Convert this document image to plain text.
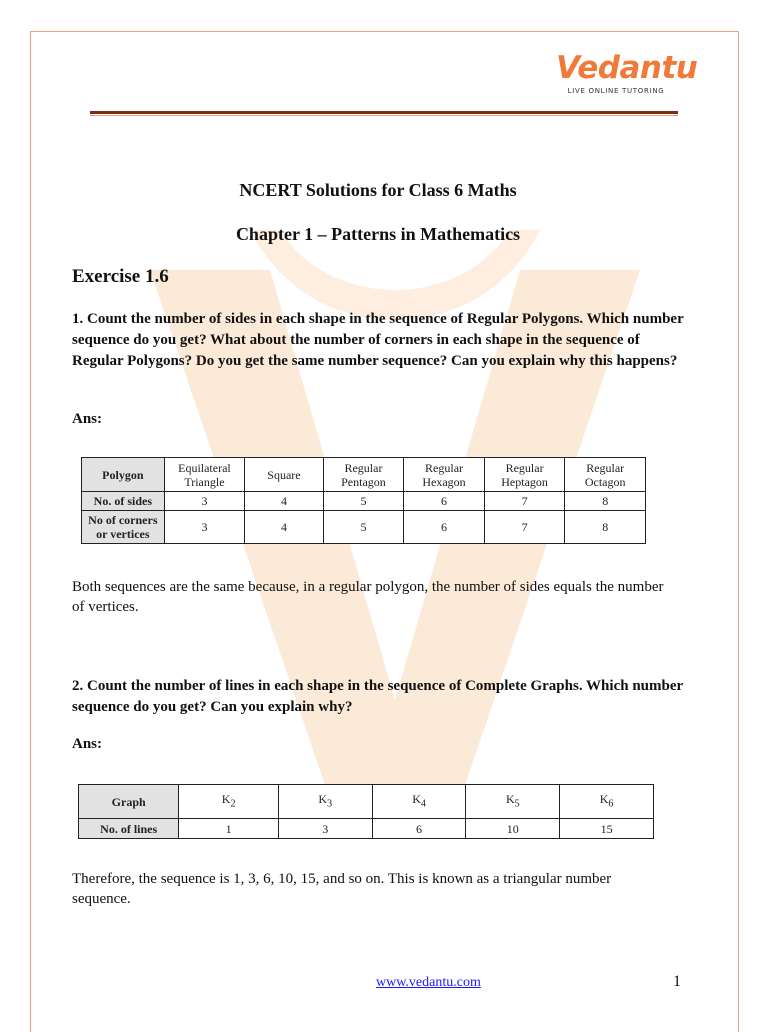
Vedantu
LIVE ONLINE TUTORING
NCERT Solutions for Class 6 Maths
Chapter 1 – Patterns in Mathematics
Exercise 1.6
1. Count the number of sides in each shape in the sequence of Regular Polygons. Which number sequence do you get? What about the number of corners in each shape in the sequence of Regular Polygons? Do you get the same number sequence? Can you explain why this happens?
Ans:
Polygon	Equilateral Triangle	Square	Regular Pentagon	Regular Hexagon	Regular Heptagon	Regular Octagon
No. of sides	3	4	5	6	7	8
No of corners or vertices	3	4	5	6	7	8
Both sequences are the same because, in a regular polygon, the number of sides equals the number of vertices.
2. Count the number of lines in each shape in the sequence of Complete Graphs. Which number sequence do you get? Can you explain why?
Ans:
Graph	$K_2$	$K_3$	$K_4$	$K_5$	$K_6$
No. of lines	1	3	6	10	15
Therefore, the sequence is 1, 3, 6, 10, 15, and so on. This is known as a triangular number sequence.
www.vedantu.com	1
